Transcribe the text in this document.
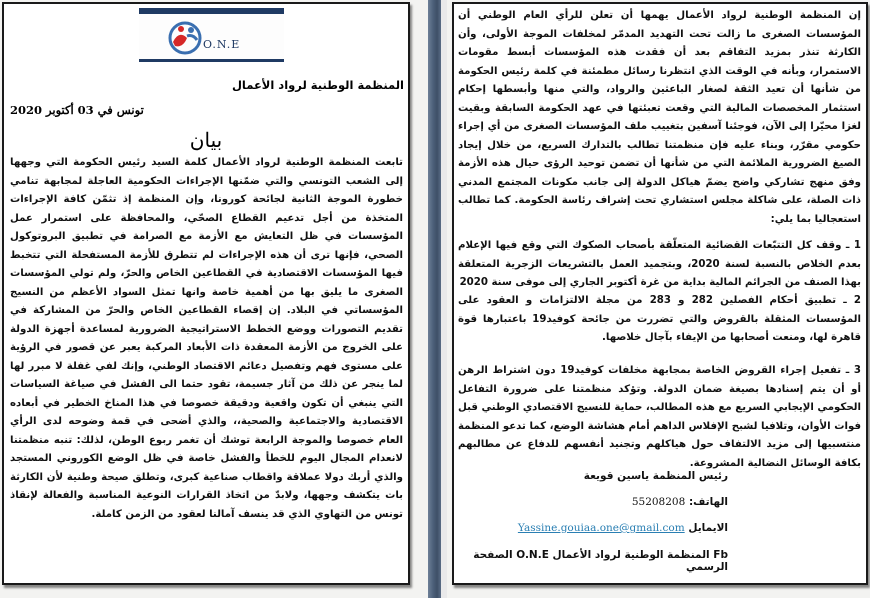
O.N.E
المنظمة الوطنية لرواد الأعمال
تونس في 03 أكتوبر 2020
بيان
تابعت المنظمة الوطنية لرواد الأعمال كلمة السيد رئيس الحكومة التي وجهها إلى الشعب التونسي والتي ضمّنها الإجراءات الحكومية العاجلة لمجابهة تنامي خطورة الموجة الثانية لجائحة كورونا، وإن المنظمة إذ تثمّن كافة الإجراءات المتخذة من أجل تدعيم القطاع الصحّي، والمحافظة على استمرار عمل المؤسسات في ظل التعايش مع الأزمة مع الصرامة في تطبيق البروتوكول الصحي، فإنها ترى أن هذه الإجراءات لم تتطرق للأزمة المستفحلة التي تتخبط فيها المؤسسات الاقتصادية في القطاعين الخاص والحرّ، ولم تولي المؤسسات الصغرى ما يليق بها من أهمية خاصة وانها تمثل السواد الأعظم من النسيج المؤسساتي في البلاد. إن إقصاء القطاعين الخاص والحرّ من المشاركة في تقديم التصورات ووضع الخطط الاستراتيجية الضرورية لمساعدة أجهزة الدولة على الخروج من الأزمة المعقدة ذات الأبعاد المركبة يعبر عن قصور في الرؤية على مستوى فهم وتفصيل دعائم الاقتصاد الوطني، وإنك لفي غفلة لا مبرر لها لما ينجر عن ذلك من آثار جسيمة، تقود حتما الى الفشل في صياغة السياسات التي ينبغي أن تكون واقعية ودقيقة خصوصا في هذا المناخ الخطير في أبعاده الاقتصادية والاجتماعية والصحية،، والذي أضحى في قمة وضوحه لدى الرأي العام خصوصا والموجة الرابعة توشك أن تغمر ربوع الوطن، لذلك: تنبه منظمتنا لانعدام المجال اليوم للخطأ والفشل خاصة في ظل الوضع الكوروني المستجد والذي أربك دولا عملاقة واقطاب صناعية كبرى، وتطلق صيحة وطنية لأن الكارثة بات يتكشف وجهها، ولابدّ من اتخاذ القرارات النوعية المناسبة والفعالة لإنقاذ تونس من التهاوي الذي قد ينسف آمالنا لعقود من الزمن كاملة.
إن المنظمة الوطنية لرواد الأعمال يهمها أن تعلن للرأي العام الوطني أن المؤسسات الصغرى ما زالت تحت التهديد المدمّر لمخلفات الموجة الأولى، وأن الكارثة تنذر بمزيد التفاقم بعد أن فقدت هذه المؤسسات أبسط مقومات الاستمرار، وبأنه في الوقت الذي انتظرنا رسائل مطمئنة في كلمة رئيس الحكومة من شأنها أن تعيد الثقة لصغار الباعثين والرواد، والتي منها وأبسطها إحكام استثمار المخصصات المالية التي وقعت تعبئتها في عهد الحكومة السابقة وبقيت لغزا محيّرا إلى الآن، فوجئنا آسفين بتغييب ملف المؤسسات الصغرى من أي إجراء حكومي مقرّر، وبناء عليه فإن منظمتنا تطالب بالتدارك السريع، من خلال إيجاد الصيغ الضرورية الملائمة التي من شأنها أن تضمن توحيد الرؤى حيال هذه الأزمة وفق منهج تشاركي واضح يضمّ هياكل الدولة إلى جانب مكونات المجتمع المدني ذات الصلة، على شاكلة مجلس استشاري تحت إشراف رئاسة الحكومة. كما تطالب استعجاليا بما يلي:
1 ـ وقف كل التتبّعات القضائية المتعلّقة بأصحاب الصكوك التي وقع فيها الإعلام بعدم الخلاص بالنسبة لسنة 2020، وبتجميد العمل بالتشريعات الزجرية المتعلقة بهذا الصنف من الجرائم المالية بداية من غرة أكتوبر الجاري إلى موفى سنة 2020
2 ـ تطبيق أحكام الفصلين 282 و 283 من مجلة الالتزامات و العقود على المؤسسات المثقلة بالقروض والتي تضررت من جائحة كوفيد19 باعتبارها قوة قاهرة لها، ومنعت أصحابها من الإيفاء بآجال خلاصها.
3 ـ تفعيل إجراء القروض الخاصة بمجابهة مخلفات كوفيد19 دون اشتراط الرهن أو أن يتم إسنادها بصيغة ضمان الدولة. وتؤكد منظمتنا على ضرورة التفاعل الحكومي الإيجابي السريع مع هذه المطالب، حماية للنسيج الاقتصادي الوطني قبل فوات الأوان، وتلافيا لشبح الإفلاس الداهم أمام هشاشة الوضع، كما تدعو المنظمة منتسبيها إلى مزيد الالتفاف حول هياكلهم وتجنيد أنفسهم للدفاع عن مطالبهم بكافة الوسائل النضالية المشروعة.
رئيس المنظمة ياسين قويعة
الهاتف: 55208208
الايمايل Yassine.gouiaa.one@gmail.com
Fb المنظمة الوطنية لرواد الأعمال O.N.E الصفحة الرسمي
